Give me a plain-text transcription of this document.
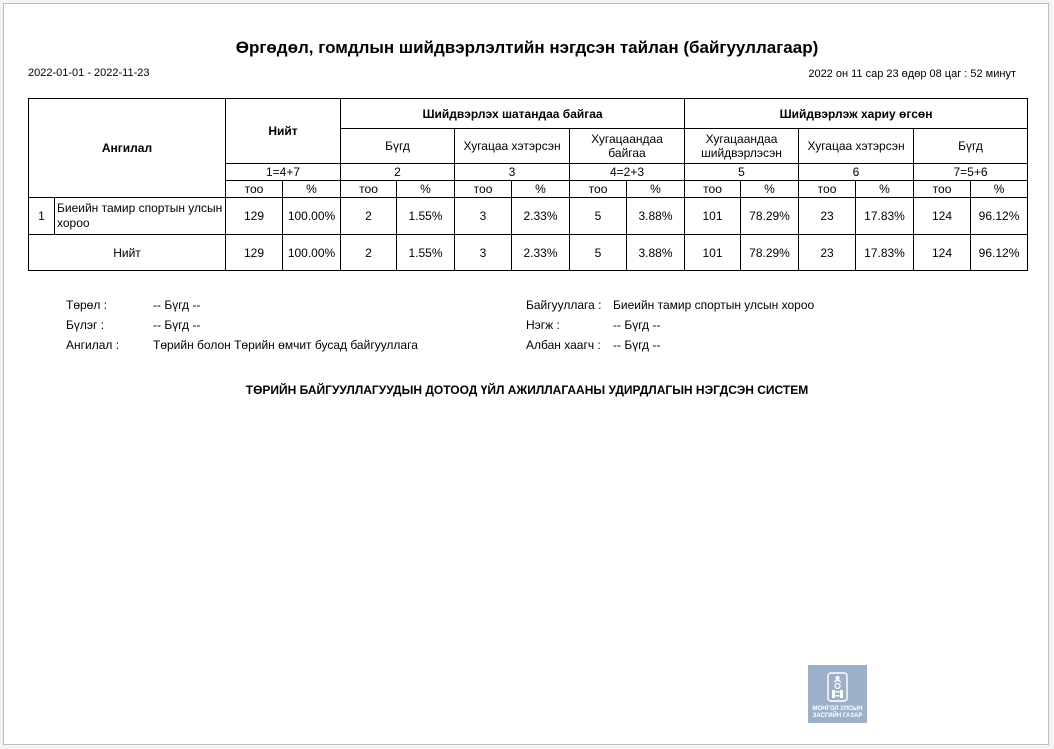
Өргөдөл, гомдлын шийдвэрлэлтийн нэгдсэн тайлан (байгууллагаар)
2022-01-01 - 2022-11-23	2022 он 11 сар 23 өдөр 08 цаг : 52 минут
Ангилал		Нийт		Шийдвэрлэх шатандаа байгаа						Шийдвэрлэж хариу өгсөн					
				Бүгд		Хугацаа хэтэрсэн		Хугацаандаа байгаа		Хугацаандаа шийдвэрлэсэн		Хугацаа хэтэрсэн		Бүгд	
		1=4+7		2		3		4=2+3		5		6		7=5+6	
		тоо	%	тоо	%	тоо	%	тоо	%	тоо	%	тоо	%	тоо	%
1	Биеийн тамир спортын улсын хороо	129	100.00%	2	1.55%	3	2.33%	5	3.88%	101	78.29%	23	17.83%	124	96.12%
Нийт		129	100.00%	2	1.55%	3	2.33%	5	3.88%	101	78.29%	23	17.83%	124	96.12%
Төрөл :	-- Бүгд --
Бүлэг :	-- Бүгд --
Ангилал :	Төрийн болон Төрийн өмчит бусад байгууллага
Байгууллага : Биеийн тамир спортын улсын хороо
Нэгж :	-- Бүгд --
Албан хаагч : -- Бүгд --
ТӨРИЙН БАЙГУУЛЛАГУУДЫН ДОТООД ҮЙЛ АЖИЛЛАГААНЫ УДИРДЛАГЫН НЭГДСЭН СИСТЕМ
МОНГОЛ УЛСЫН
ЗАСГИЙН ГАЗАР
